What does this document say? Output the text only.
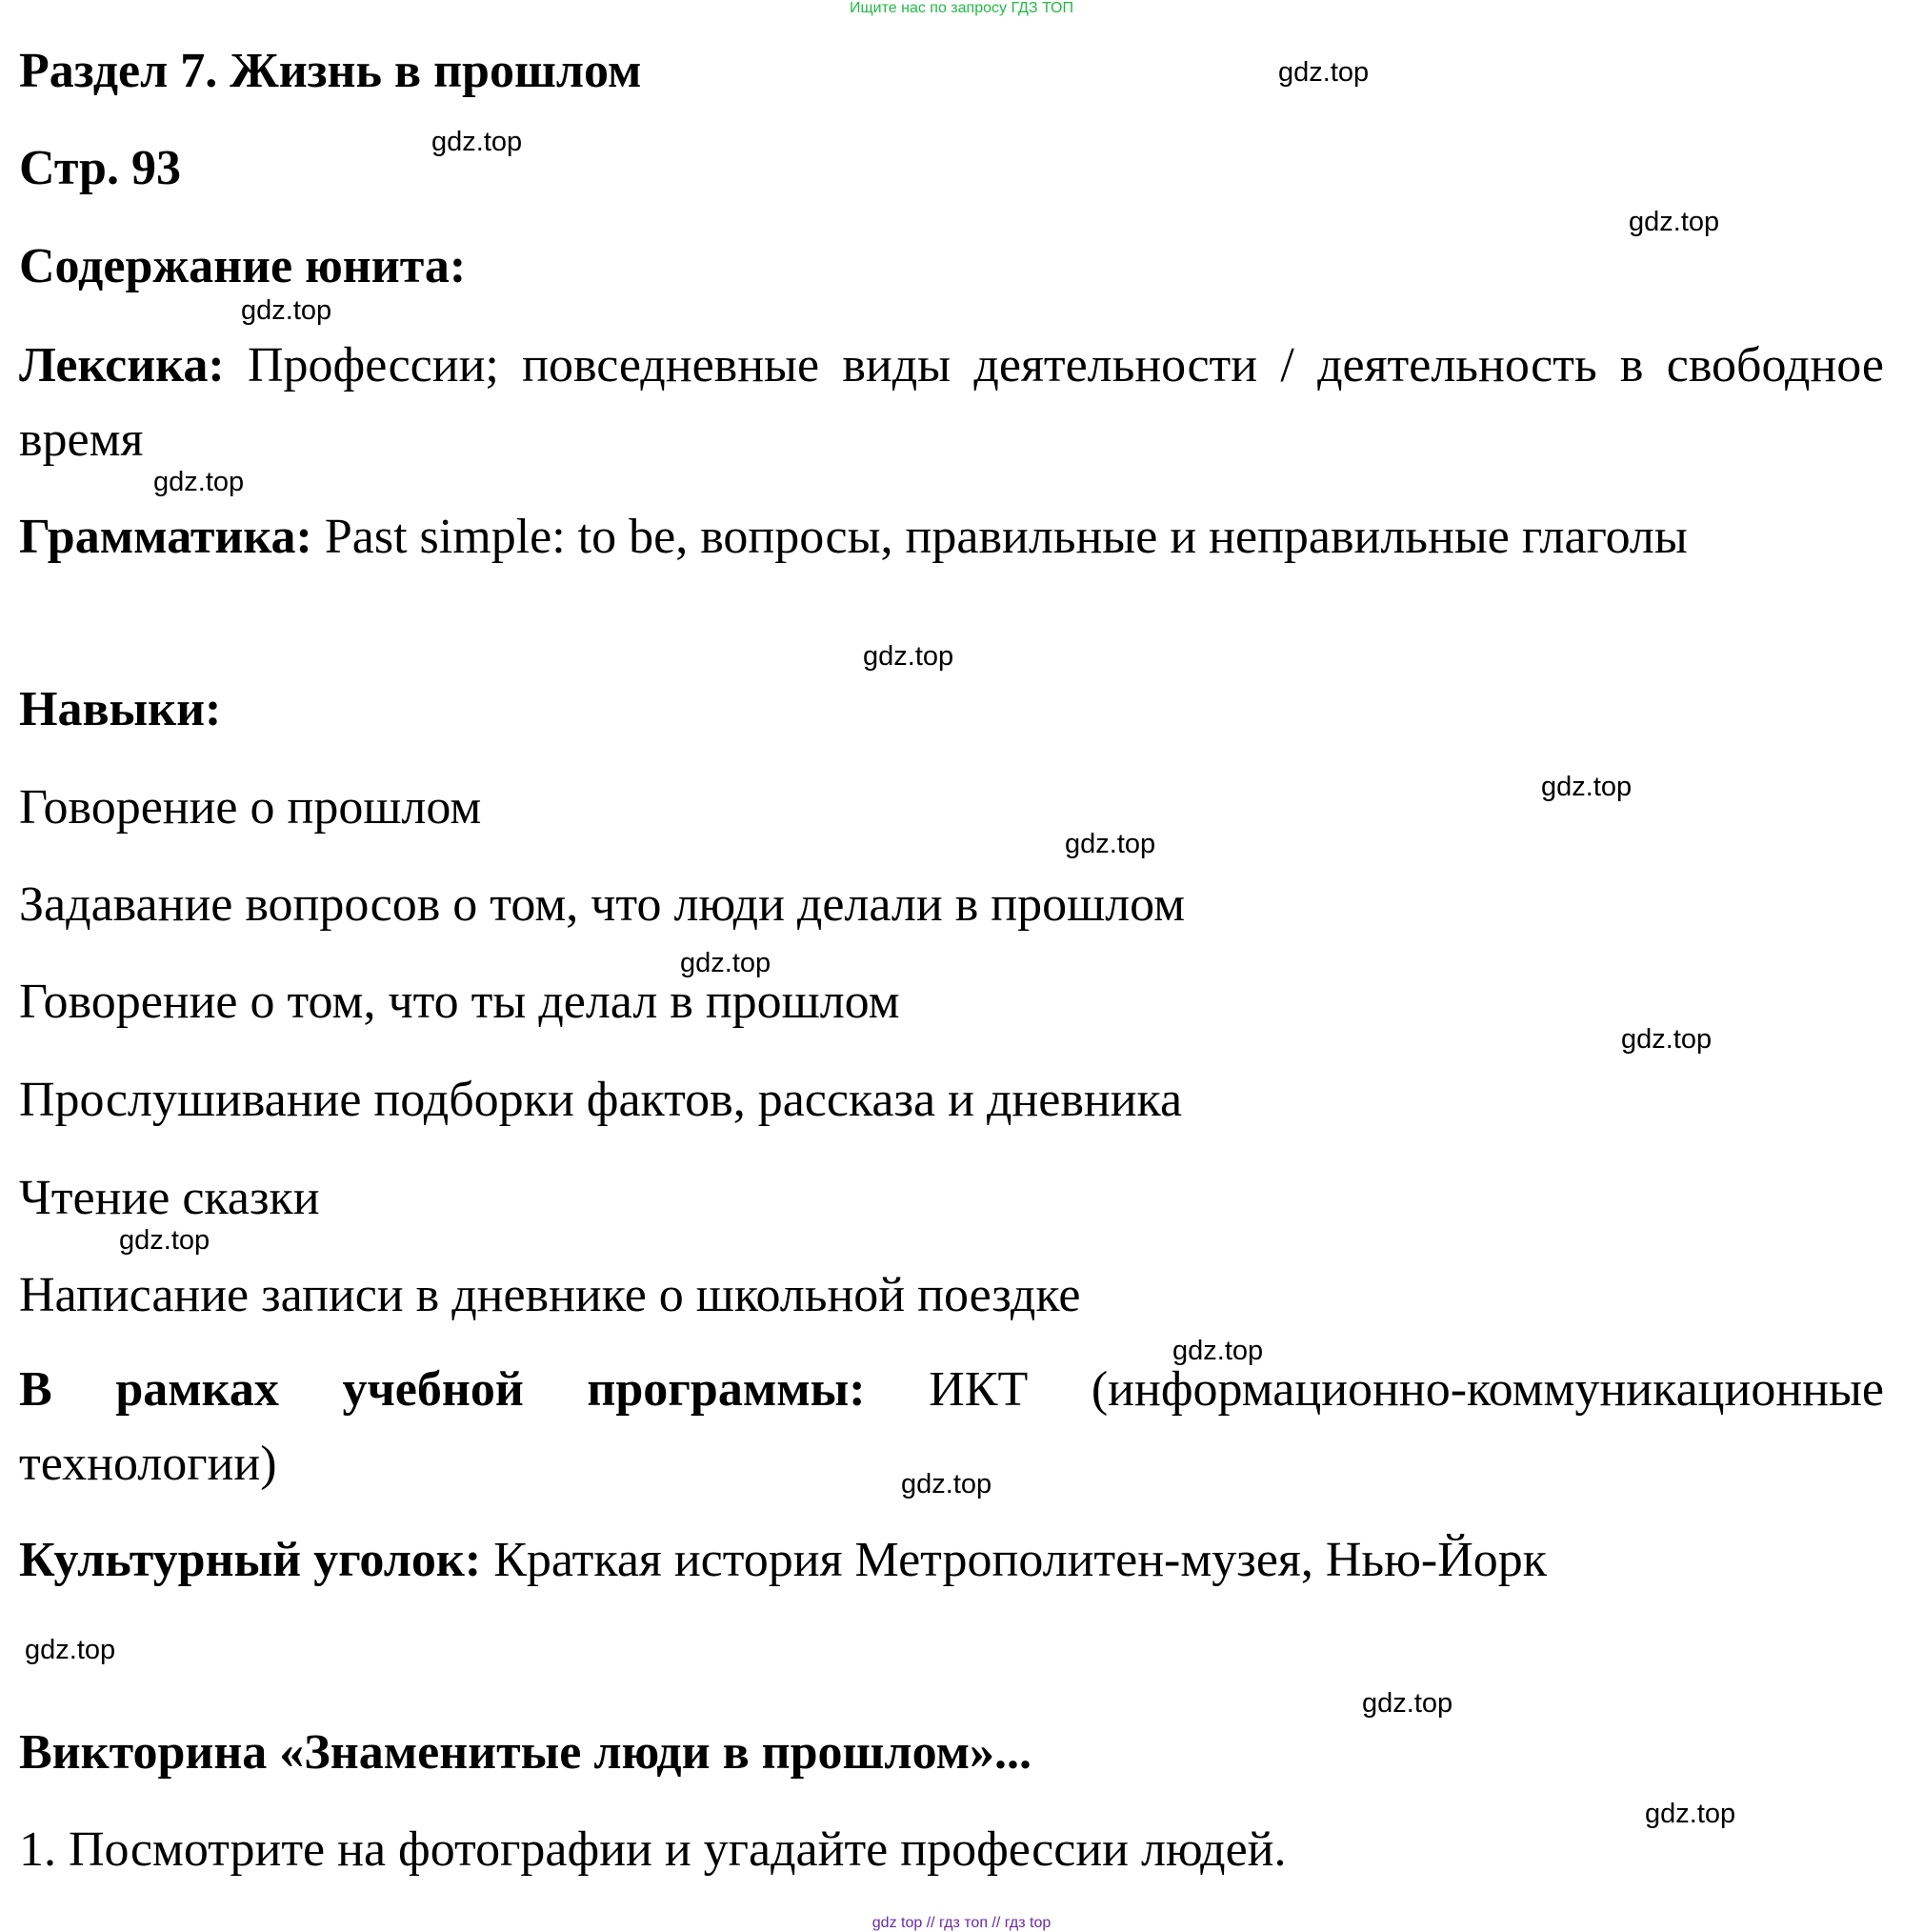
Ищите нас по запросу ГДЗ ТОП
Раздел 7. Жизнь в прошлом
Стр. 93
Содержание юнита:
Лексика: Профессии; повседневные виды деятельности / деятельность в свободное время
Грамматика: Past simple: to be, вопросы, правильные и неправильные глаголы
Навыки:
Говорение о прошлом
Задавание вопросов о том, что люди делали в прошлом
Говорение о том, что ты делал в прошлом
Прослушивание подборки фактов, рассказа и дневника
Чтение сказки
Написание записи в дневнике о школьной поездке
В рамках учебной программы: ИКТ (информационно-коммуникационные технологии)
Культурный уголок: Краткая история Метрополитен-музея, Нью-Йорк
Викторина «Знаменитые люди в прошлом»...
1. Посмотрите на фотографии и угадайте профессии людей.
gdz.top
gdz.top
gdz.top
gdz.top
gdz.top
gdz.top
gdz.top
gdz.top
gdz.top
gdz.top
gdz.top
gdz.top
gdz.top
gdz.top
gdz.top
gdz.top
gdz top // гдз топ // гдз top
